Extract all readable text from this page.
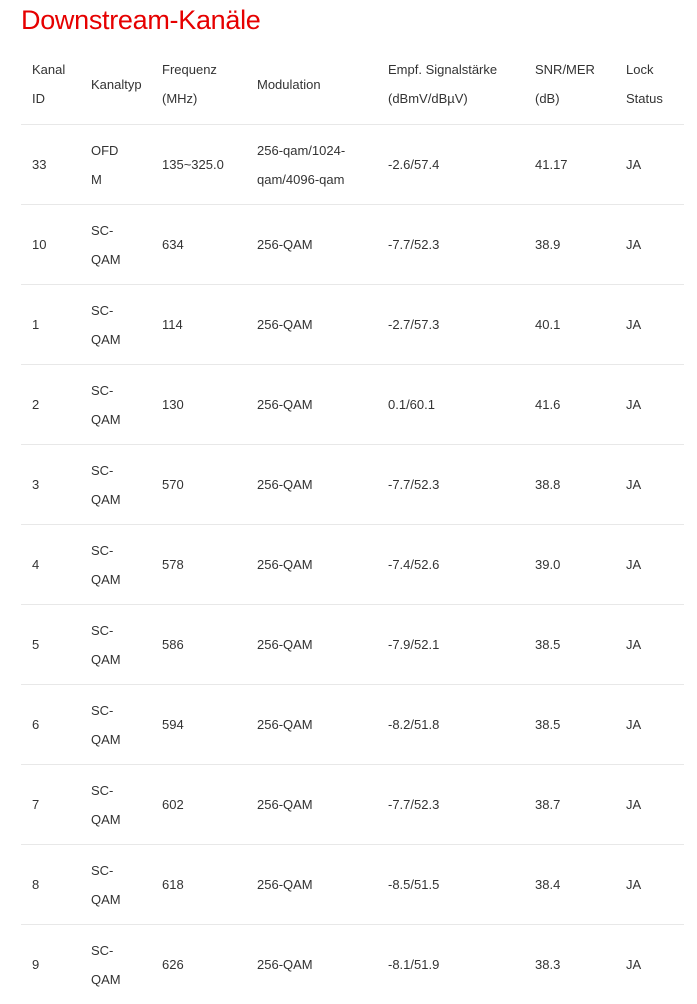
Downstream-Kanäle
Kanal ID	Kanaltyp	Frequenz (MHz)	Modulation	Empf. Signalstärke (dBmV/dBµV)	SNR/MER (dB)	Lock Status

33	OFDM	135~325.0	256-qam/1024-qam/4096-qam	-2.6/57.4	41.17	JA
10	SC-QAM	634	256-QAM	-7.7/52.3	38.9	JA
1	SC-QAM	114	256-QAM	-2.7/57.3	40.1	JA
2	SC-QAM	130	256-QAM	0.1/60.1	41.6	JA
3	SC-QAM	570	256-QAM	-7.7/52.3	38.8	JA
4	SC-QAM	578	256-QAM	-7.4/52.6	39.0	JA
5	SC-QAM	586	256-QAM	-7.9/52.1	38.5	JA
6	SC-QAM	594	256-QAM	-8.2/51.8	38.5	JA
7	SC-QAM	602	256-QAM	-7.7/52.3	38.7	JA
8	SC-QAM	618	256-QAM	-8.5/51.5	38.4	JA
9	SC-QAM	626	256-QAM	-8.1/51.9	38.3	JA
